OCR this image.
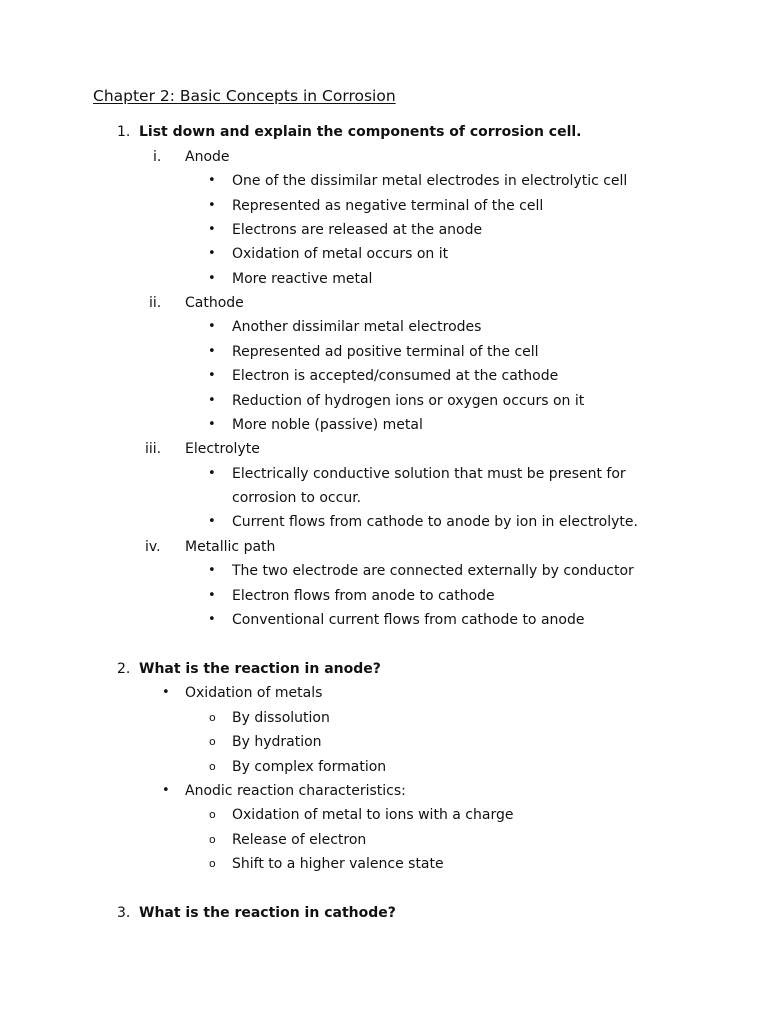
Chapter 2: Basic Concepts in Corrosion
1. List down and explain the components of corrosion cell.
i. Anode
• One of the dissimilar metal electrodes in electrolytic cell
• Represented as negative terminal of the cell
• Electrons are released at the anode
• Oxidation of metal occurs on it
• More reactive metal
ii. Cathode
• Another dissimilar metal electrodes
• Represented ad positive terminal of the cell
• Electron is accepted/consumed at the cathode
• Reduction of hydrogen ions or oxygen occurs on it
• More noble (passive) metal
iii. Electrolyte
• Electrically conductive solution that must be present for
corrosion to occur.
• Current flows from cathode to anode by ion in electrolyte.
iv. Metallic path
• The two electrode are connected externally by conductor
• Electron flows from anode to cathode
• Conventional current flows from cathode to anode
2. What is the reaction in anode?
• Oxidation of metals
o By dissolution
o By hydration
o By complex formation
• Anodic reaction characteristics:
o Oxidation of metal to ions with a charge
o Release of electron
o Shift to a higher valence state
3. What is the reaction in cathode?
